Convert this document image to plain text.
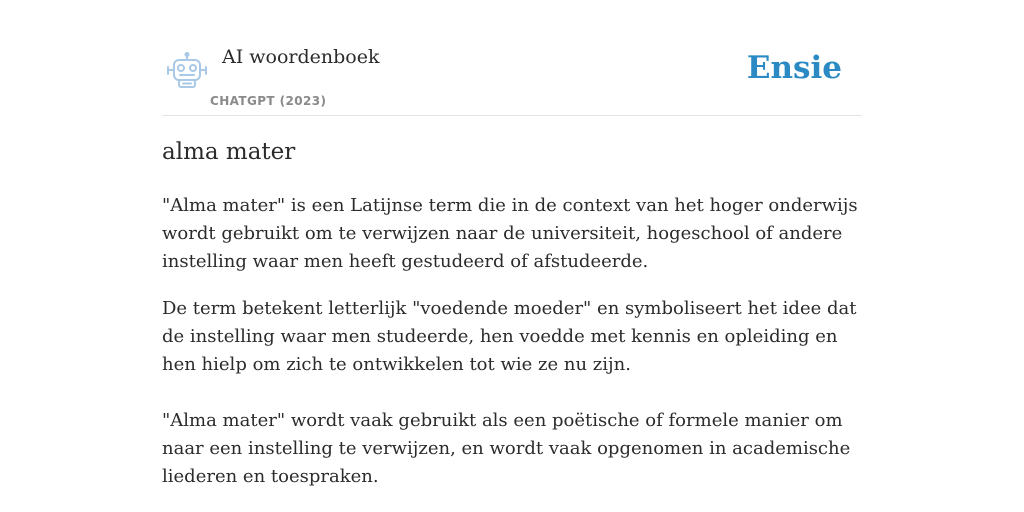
AI woordenboek
CHATGPT (2023)
Ensie
alma mater

"Alma mater" is een Latijnse term die in de context van het hoger onderwijs wordt gebruikt om te verwijzen naar de universiteit, hogeschool of andere instelling waar men heeft gestudeerd of afstudeerde.

De term betekent letterlijk "voedende moeder" en symboliseert het idee dat de instelling waar men studeerde, hen voedde met kennis en opleiding en hen hielp om zich te ontwikkelen tot wie ze nu zijn.

"Alma mater" wordt vaak gebruikt als een poëtische of formele manier om naar een instelling te verwijzen, en wordt vaak opgenomen in academische liederen en toespraken.
